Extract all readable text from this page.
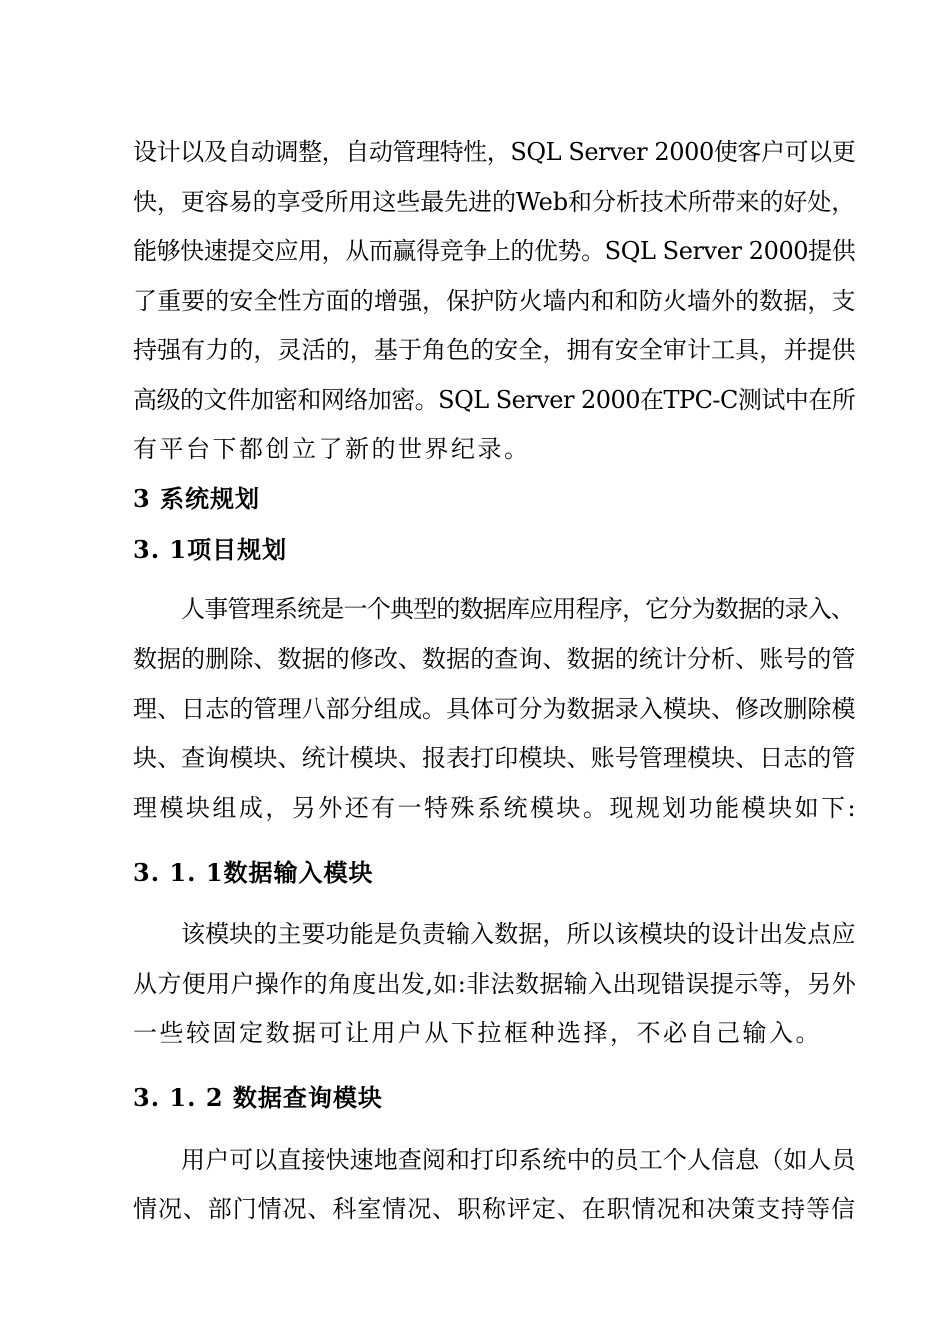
设计以及自动调整，自动管理特性，SQL Server 2000使客户可以更
快，更容易的享受所用这些最先进的Web和分析技术所带来的好处，
能够快速提交应用，从而赢得竞争上的优势。SQL Server 2000提供
了重要的安全性方面的增强，保护防火墙内和和防火墙外的数据，支
持强有力的，灵活的，基于角色的安全，拥有安全审计工具，并提供
高级的文件加密和网络加密。SQL Server 2000在TPC-C测试中在所
有平台下都创立了新的世界纪录。
3 系统规划
3. 1项目规划
人事管理系统是一个典型的数据库应用程序，它分为数据的录入、
数据的删除、数据的修改、数据的查询、数据的统计分析、账号的管
理、日志的管理八部分组成。具体可分为数据录入模块、修改删除模
块、查询模块、统计模块、报表打印模块、账号管理模块、日志的管
理模块组成，另外还有一特殊系统模块。现规划功能模块如下:
3. 1. 1数据输入模块
该模块的主要功能是负责输入数据，所以该模块的设计出发点应
从方便用户操作的角度出发,如:非法数据输入出现错误提示等，另外
一些较固定数据可让用户从下拉框种选择，不必自己输入。
3. 1. 2 数据查询模块
用户可以直接快速地查阅和打印系统中的员工个人信息（如人员
情况、部门情况、科室情况、职称评定、在职情况和决策支持等信
